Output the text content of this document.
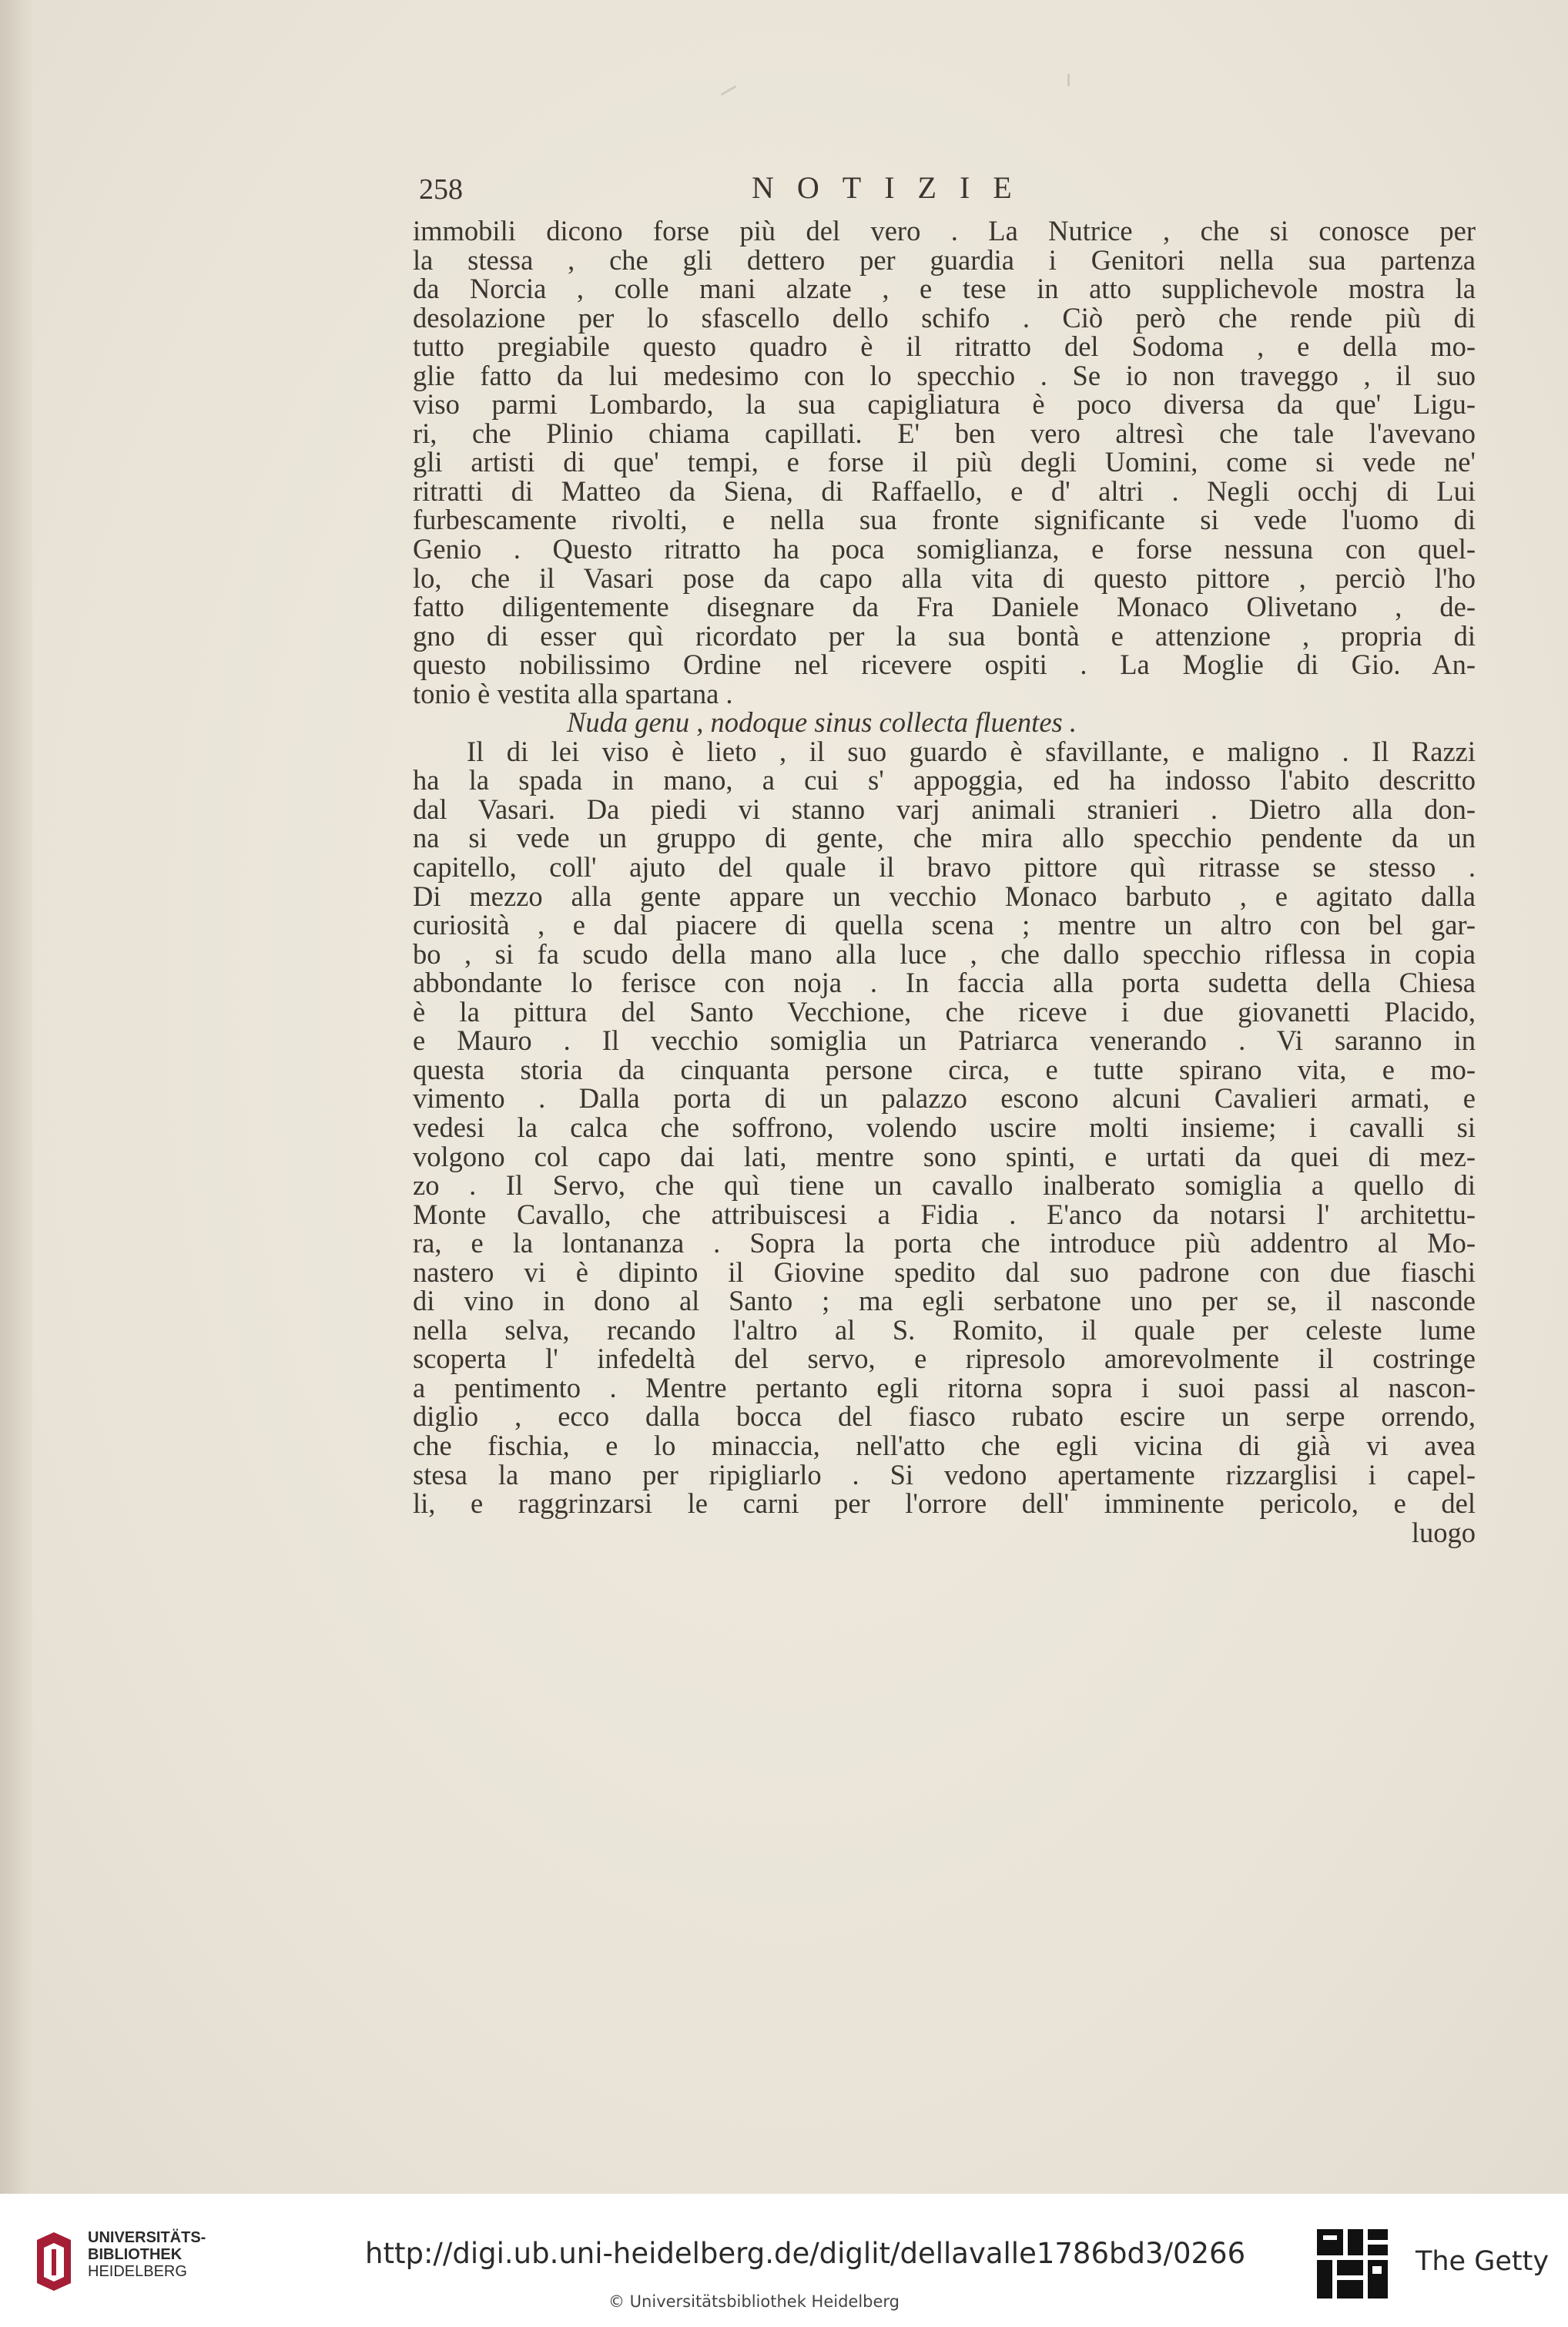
258	NOTIZIE
immobili dicono forse più del vero . La Nutrice , che si conosce per
la stessa , che gli dettero per guardia i Genitori nella sua partenza
da Norcia , colle mani alzate , e tese in atto supplichevole mostra la
desolazione per lo sfascello dello schifo . Ciò però che rende più di
tutto pregiabile questo quadro è il ritratto del Sodoma , e della mo-
glie fatto da lui medesimo con lo specchio . Se io non traveggo , il suo
viso parmi Lombardo, la sua capigliatura è poco diversa da que' Ligu-
ri, che Plinio chiama capillati. E' ben vero altresì che tale l'avevano
gli artisti di que' tempi, e forse il più degli Uomini, come si vede ne'
ritratti di Matteo da Siena, di Raffaello, e d' altri . Negli occhj di Lui
furbescamente rivolti, e nella sua fronte significante si vede l'uomo di
Genio . Questo ritratto ha poca somiglianza, e forse nessuna con quel-
lo, che il Vasari pose da capo alla vita di questo pittore , perciò l'ho
fatto diligentemente disegnare da Fra Daniele Monaco Olivetano , de-
gno di esser quì ricordato per la sua bontà e attenzione , propria di
questo nobilissimo Ordine nel ricevere ospiti . La Moglie di Gio. An-
tonio è vestita alla spartana .
Nuda genu , nodoque sinus collecta fluentes .
Il di lei viso è lieto , il suo guardo è sfavillante, e maligno . Il Razzi
ha la spada in mano, a cui s' appoggia, ed ha indosso l'abito descritto
dal Vasari. Da piedi vi stanno varj animali stranieri . Dietro alla don-
na si vede un gruppo di gente, che mira allo specchio pendente da un
capitello, coll' ajuto del quale il bravo pittore quì ritrasse se stesso .
Di mezzo alla gente appare un vecchio Monaco barbuto , e agitato dalla
curiosità , e dal piacere di quella scena ; mentre un altro con bel gar-
bo , si fa scudo della mano alla luce , che dallo specchio riflessa in copia
abbondante lo ferisce con noja . In faccia alla porta sudetta della Chiesa
è la pittura del Santo Vecchione, che riceve i due giovanetti Placido,
e Mauro . Il vecchio somiglia un Patriarca venerando . Vi saranno in
questa storia da cinquanta persone circa, e tutte spirano vita, e mo-
vimento . Dalla porta di un palazzo escono alcuni Cavalieri armati, e
vedesi la calca che soffrono, volendo uscire molti insieme; i cavalli si
volgono col capo dai lati, mentre sono spinti, e urtati da quei di mez-
zo . Il Servo, che quì tiene un cavallo inalberato somiglia a quello di
Monte Cavallo, che attribuiscesi a Fidia . E'anco da notarsi l' architettu-
ra, e la lontananza . Sopra la porta che introduce più addentro al Mo-
nastero vi è dipinto il Giovine spedito dal suo padrone con due fiaschi
di vino in dono al Santo ; ma egli serbatone uno per se, il nasconde
nella selva, recando l'altro al S. Romito, il quale per celeste lume
scoperta l' infedeltà del servo, e ripresolo amorevolmente il costringe
a pentimento . Mentre pertanto egli ritorna sopra i suoi passi al nascon-
diglio , ecco dalla bocca del fiasco rubato escire un serpe orrendo,
che fischia, e lo minaccia, nell'atto che egli vicina di già vi avea
stesa la mano per ripigliarlo . Si vedono apertamente rizzarglisi i capel-
li, e raggrinzarsi le carni per l'orrore dell' imminente pericolo, e del
luogo
UNIVERSITÄTS-
BIBLIOTHEK
HEIDELBERG
http://digi.ub.uni-heidelberg.de/diglit/dellavalle1786bd3/0266
© Universitätsbibliothek Heidelberg
The Getty
